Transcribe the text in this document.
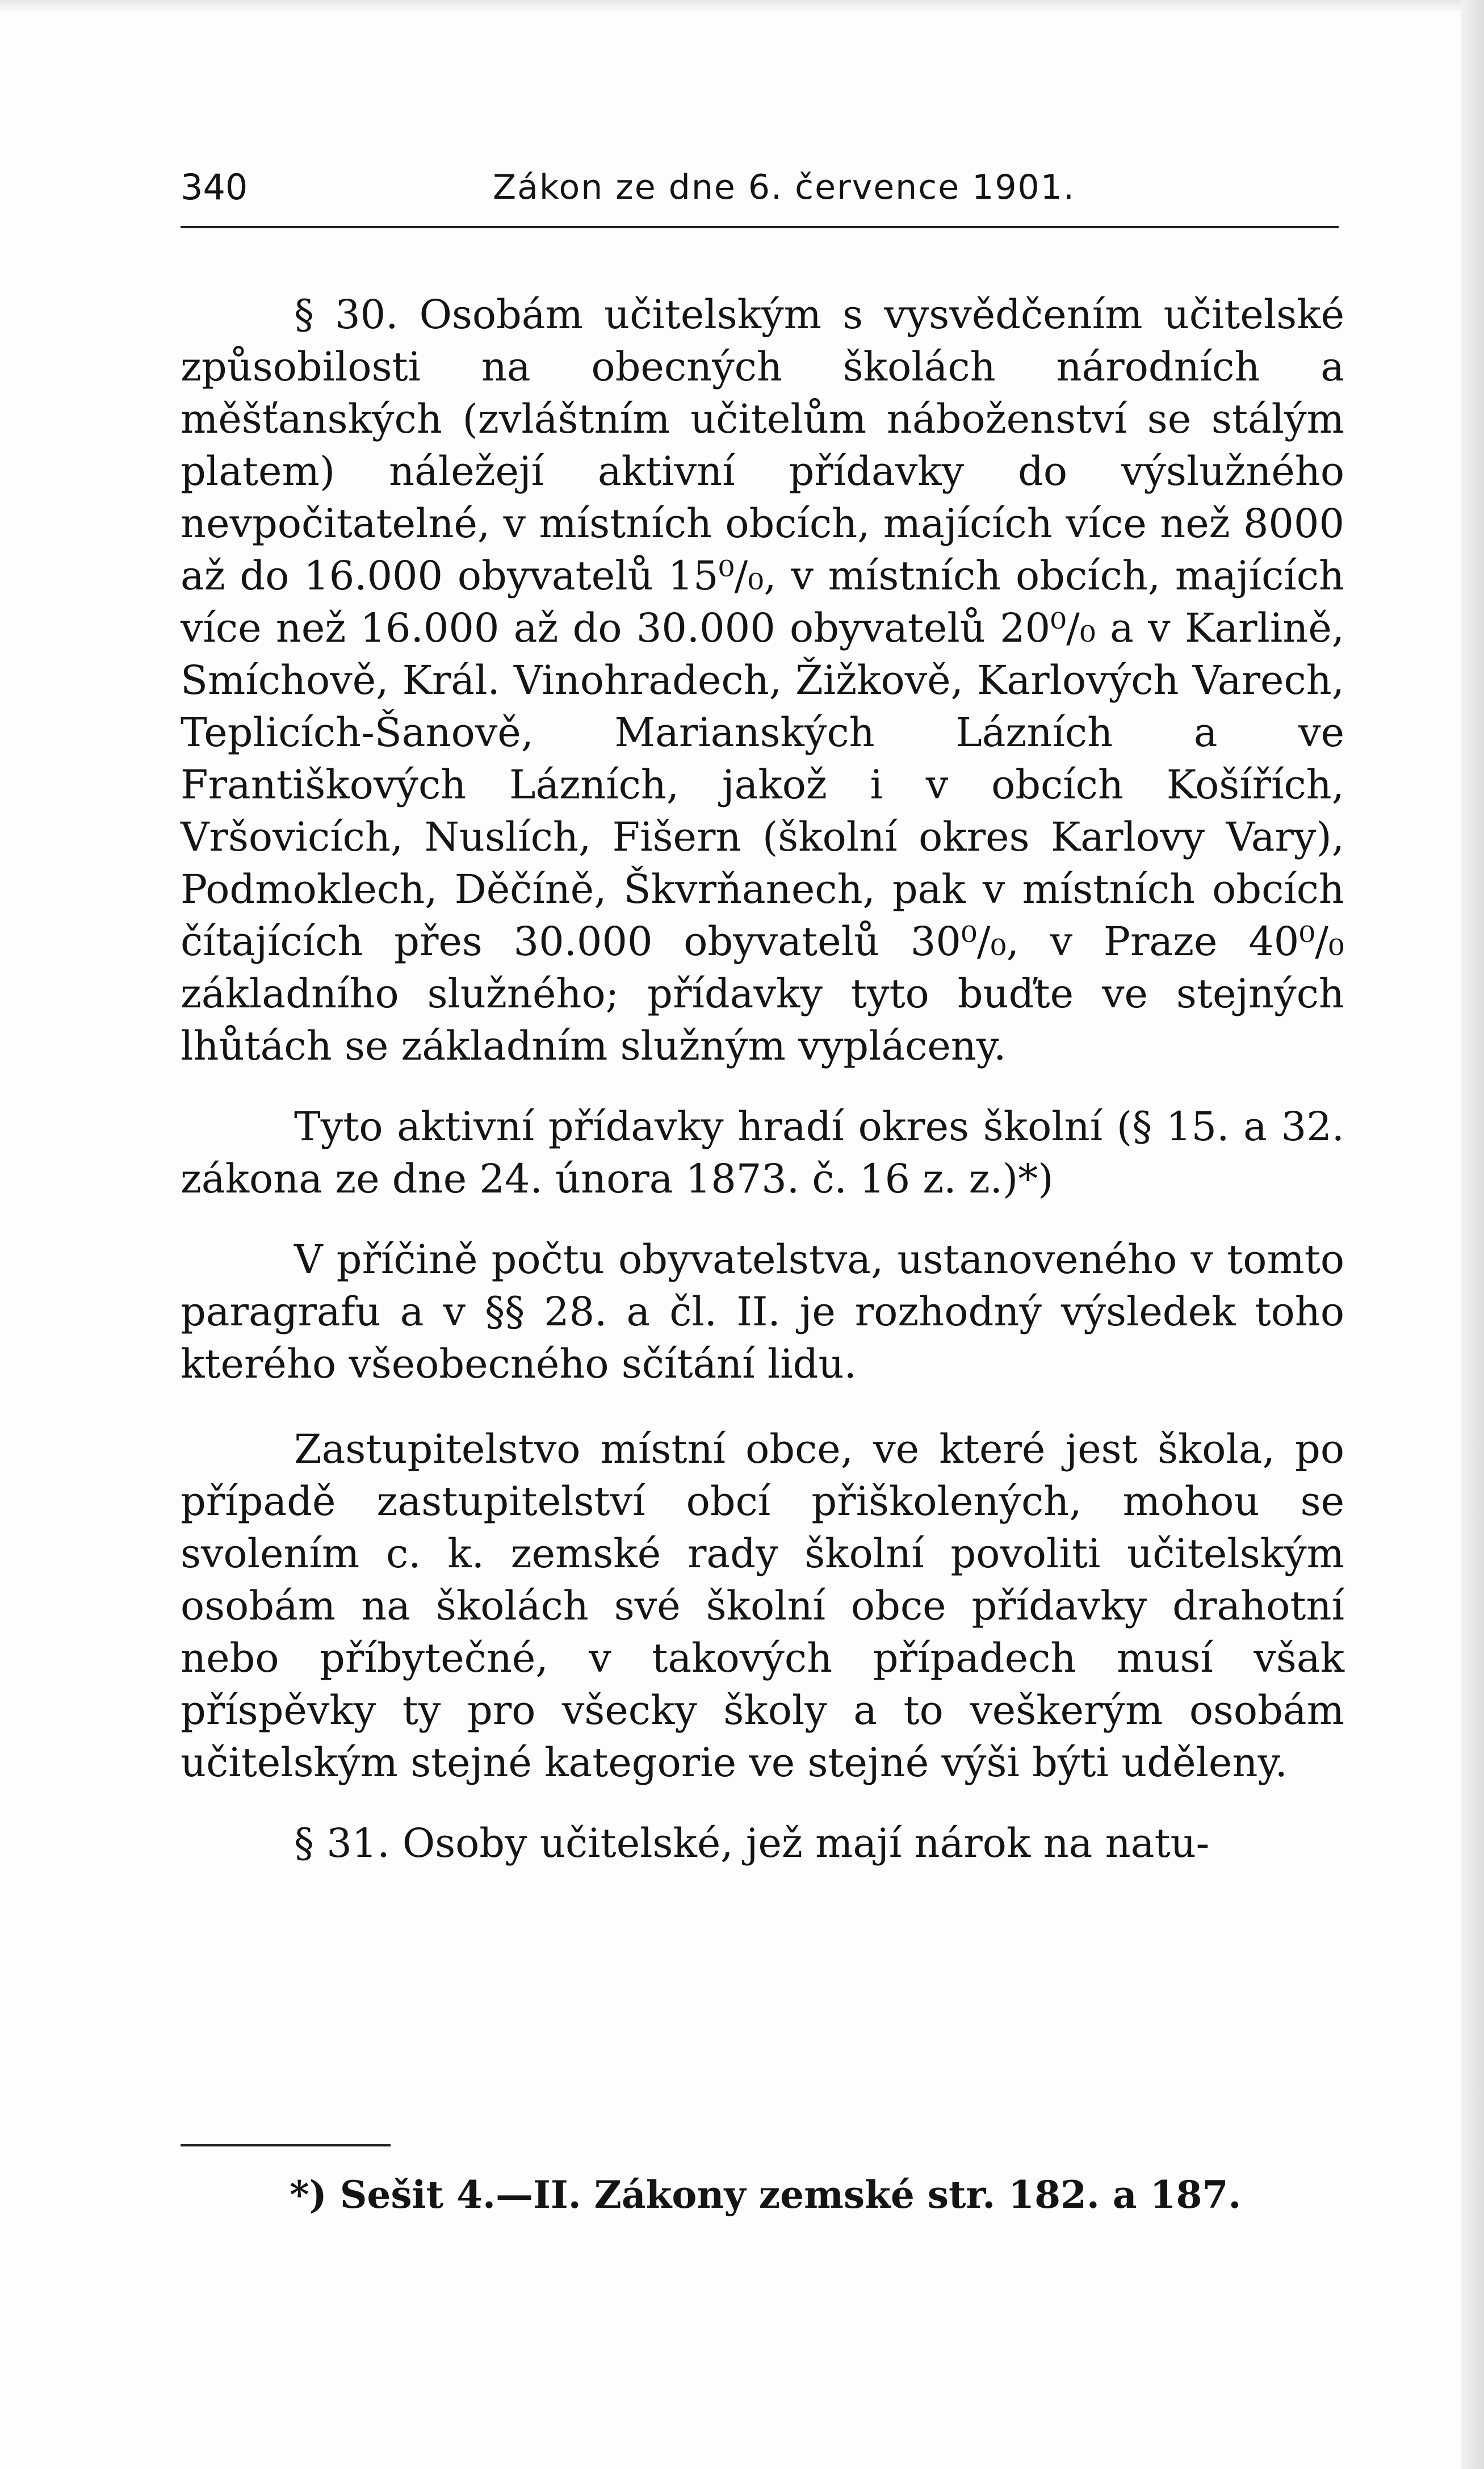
340	Zákon ze dne 6. července 1901.

§ 30. Osobám učitelským s vysvědčením učitelské způsobilosti na obecných školách národních a měšťanských (zvláštním učitelům náboženství se stálým platem) náležejí aktivní přídavky do výslužného nevpočitatelné, v místních obcích, majících více než 8000 až do 16.000 obyvatelů 15⁰/₀, v místních obcích, majících více než 16.000 až do 30.000 obyvatelů 20⁰/₀ a v Karlině, Smíchově, Král. Vinohradech, Žižkově, Karlových Varech, Teplicích-Šanově, Marianských Lázních a ve Františkových Lázních, jakož i v obcích Košířích, Vršovicích, Nuslích, Fišern (školní okres Karlovy Vary), Podmoklech, Děčíně, Škvrňanech, pak v místních obcích čítajících přes 30.000 obyvatelů 30⁰/₀, v Praze 40⁰/₀ základního služného; přídavky tyto buďte ve stejných lhůtách se základním služným vypláceny.

Tyto aktivní přídavky hradí okres školní (§ 15. a 32. zákona ze dne 24. února 1873. č. 16 z. z.)*)

V příčině počtu obyvatelstva, ustanoveného v tomto paragrafu a v §§ 28. a čl. II. je rozhodný výsledek toho kterého všeobecného sčítání lidu.

Zastupitelstvo místní obce, ve které jest škola, po případě zastupitelství obcí přiškolených, mohou se svolením c. k. zemské rady školní povoliti učitelským osobám na školách své školní obce přídavky drahotní nebo příbytečné, v takových případech musí však příspěvky ty pro všecky školy a to veškerým osobám učitelským stejné kategorie ve stejné výši býti uděleny.

§ 31. Osoby učitelské, jež mají nárok na natu-

*) Sešit 4.—II. Zákony zemské str. 182. a 187.
